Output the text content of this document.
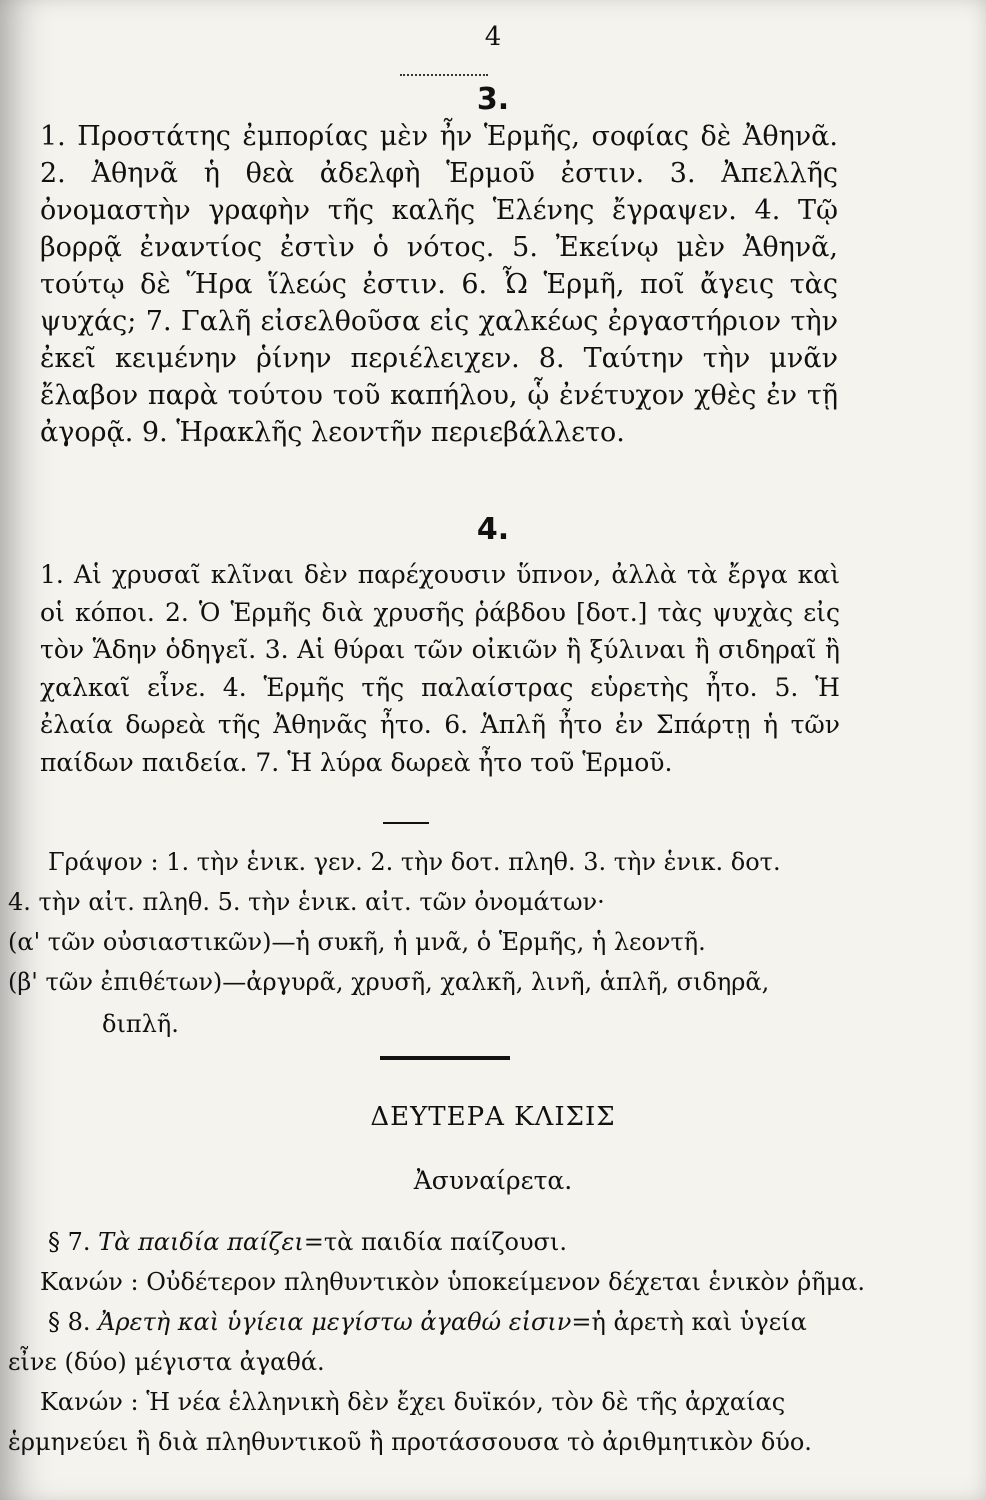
4
3.

1. Προστάτης ἐμπορίας μὲν ἦν Ἑρμῆς, σοφίας δὲ Ἀθηνᾶ. 2. Ἀθηνᾶ ἡ θεὰ ἀδελφὴ Ἑρμοῦ ἐστιν. 3. Ἀπελλῆς ὀνομαστὴν γραφὴν τῆς καλῆς Ἑλένης ἔγραψεν. 4. Τῷ βορρᾷ ἐναντίος ἐστὶν ὁ νότος. 5. Ἐκείνῳ μὲν Ἀθηνᾶ, τούτῳ δὲ Ἥρα ἵλεώς ἐστιν. 6. Ὦ Ἑρμῆ, ποῖ ἄγεις τὰς ψυχάς; 7. Γαλῆ εἰσελθοῦσα εἰς χαλκέως ἐργαστήριον τὴν ἐκεῖ κειμένην ῥίνην περιέλειχεν. 8. Ταύτην τὴν μνᾶν ἔλαβον παρὰ τούτου τοῦ καπήλου, ᾧ ἐνέτυχον χθὲς ἐν τῇ ἀγορᾷ. 9. Ἡρακλῆς λεοντῆν περιεβάλλετο.

4.

1. Αἱ χρυσαῖ κλῖναι δὲν παρέχουσιν ὕπνον, ἀλλὰ τὰ ἔργα καὶ οἱ κόποι. 2. Ὁ Ἑρμῆς διὰ χρυσῆς ῥάβδου [δοτ.] τὰς ψυχὰς εἰς τὸν Ἅδην ὁδηγεῖ. 3. Αἱ θύραι τῶν οἰκιῶν ἢ ξύλιναι ἢ σιδηραῖ ἢ χαλκαῖ εἶνε. 4. Ἑρμῆς τῆς παλαίστρας εὑρετὴς ἦτο. 5. Ἡ ἐλαία δωρεὰ τῆς Ἀθηνᾶς ἦτο. 6. Ἁπλῆ ἦτο ἐν Σπάρτῃ ἡ τῶν παίδων παιδεία. 7. Ἡ λύρα δωρεὰ ἦτο τοῦ Ἑρμοῦ.

Γράψον : 1. τὴν ἑνικ. γεν. 2. τὴν δοτ. πληθ. 3. τὴν ἑνικ. δοτ.

4. τὴν αἰτ. πληθ. 5. τὴν ἑνικ. αἰτ. τῶν ὀνομάτων·

(α' τῶν οὐσιαστικῶν)—ἡ συκῆ, ἡ μνᾶ, ὁ Ἑρμῆς, ἡ λεοντῆ.

(β' τῶν ἐπιθέτων)—ἀργυρᾶ, χρυσῆ, χαλκῆ, λινῆ, ἁπλῆ, σιδηρᾶ,

διπλῆ.

ΔΕΥΤΕΡΑ ΚΛΙΣΙΣ
Ἀσυναίρετα.

§ 7. Τὰ παιδία παίζει=τὰ παιδία παίζουσι.

Κανών : Οὐδέτερον πληθυντικὸν ὑποκείμενον δέχεται ἑνικὸν ῥῆμα.

§ 8. Ἀρετὴ καὶ ὑγίεια μεγίστω ἀγαθώ εἰσιν=ἡ ἀρετὴ καὶ ὑγεία

εἶνε (δύο) μέγιστα ἀγαθά.

Κανών : Ἡ νέα ἑλληνικὴ δὲν ἔχει δυϊκόν, τὸν δὲ τῆς ἀρχαίας

ἑρμηνεύει ἢ διὰ πληθυντικοῦ ἢ προτάσσουσα τὸ ἀριθμητικὸν δύο.
